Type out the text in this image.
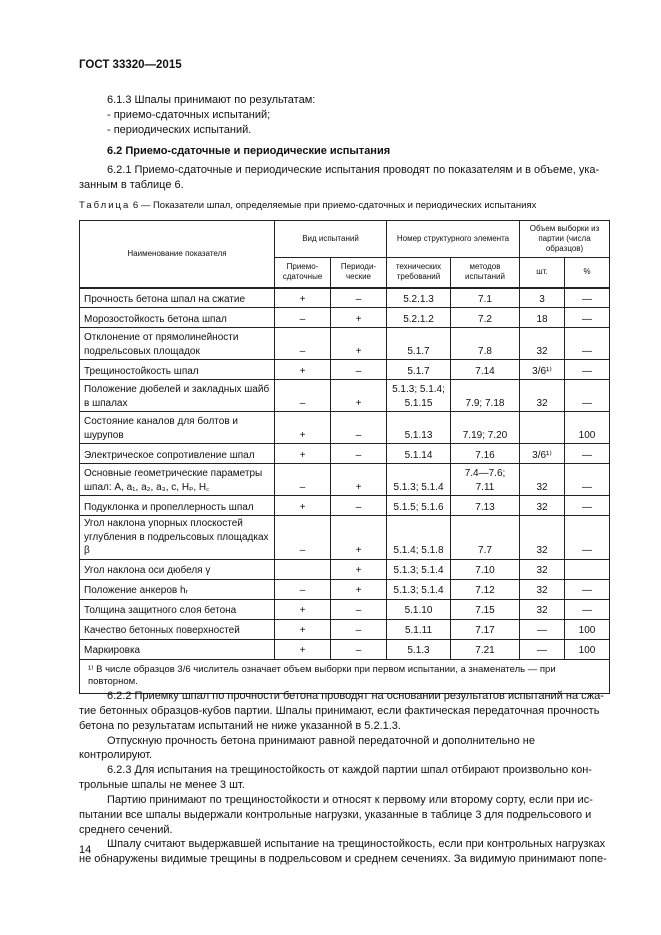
ГОСТ 33320—2015

6.1.3 Шпалы принимают по результатам:

- приемо-сдаточных испытаний;

- периодических испытаний.

6.2 Приемо-сдаточные и периодические испытания

6.2.1 Приемо-сдаточные и периодические испытания проводят по показателям и в объеме, ука-

занным в таблице 6.

Таблица 6 — Показатели шпал, определяемые при приемо-сдаточных и периодических испытаниях
Наименование показателя	Вид испытаний		Номер структурного элемента		Объем выборки из партии (числа образцов)	
	Приемо-сдаточные	Периоди-ческие	технических требований	методов испытаний	шт.	%
Прочность бетона шпал на сжатие	+	–	5.2.1.3	7.1	3	—
Морозостойкость бетона шпал	–	+	5.2.1.2	7.2	18	—
Отклонение от прямолинейности подрельсовых площадок	–	+	5.1.7	7.8	32	—
Трещиностойкость шпал	+	–	5.1.7	7.14	3/6¹⁾	—
Положение дюбелей и закладных шайб в шпалах	–	+	5.1.3; 5.1.4; 5.1.15	7.9; 7.18	32	—
Состояние каналов для болтов и шурупов	+	–	5.1.13	7.19; 7.20		100
Электрическое сопротивление шпал	+	–	5.1.14	7.16	3/6¹⁾	—
Основные геометрические параметры шпал: A, a₁, a₂, a₃, c, Hₚ, H꜀	–	+	5.1.3; 5.1.4	7.4—7.6; 7.11	32	—
Подуклонка и пропеллерность шпал	+	–	5.1.5; 5.1.6	7.13	32	—
Угол наклона упорных плоскостей углубления в подрельсовых площадках β	–	+	5.1.4; 5.1.8	7.7	32	—
Угол наклона оси дюбеля γ		+	5.1.3; 5.1.4	7.10	32	
Положение анкеров hᵣ	–	+	5.1.3; 5.1.4	7.12	32	—
Толщина защитного слоя бетона	+	–	5.1.10	7.15	32	—
Качество бетонных поверхностей	+	–	5.1.11	7.17	—	100
Маркировка	+	–	5.1.3	7.21	—	100
¹⁾ В числе образцов 3/6 числитель означает объем выборки при первом испытании, а знаменатель — при повторном.						

6.2.2 Приемку шпал по прочности бетона проводят на основании результатов испытаний на сжа-

тие бетонных образцов-кубов партии. Шпалы принимают, если фактическая передаточная прочность

бетона по результатам испытаний не ниже указанной в 5.2.1.3.

Отпускную прочность бетона принимают равной передаточной и дополнительно не контролируют.

6.2.3 Для испытания на трещиностойкость от каждой партии шпал отбирают произвольно кон-

трольные шпалы не менее 3 шт.

Партию принимают по трещиностойкости и относят к первому или второму сорту, если при ис-

пытании все шпалы выдержали контрольные нагрузки, указанные в таблице 3 для подрельсового и

среднего сечений.

Шпалу считают выдержавшей испытание на трещиностойкость, если при контрольных нагрузках

не обнаружены видимые трещины в подрельсовом и среднем сечениях. За видимую принимают попе-

14
